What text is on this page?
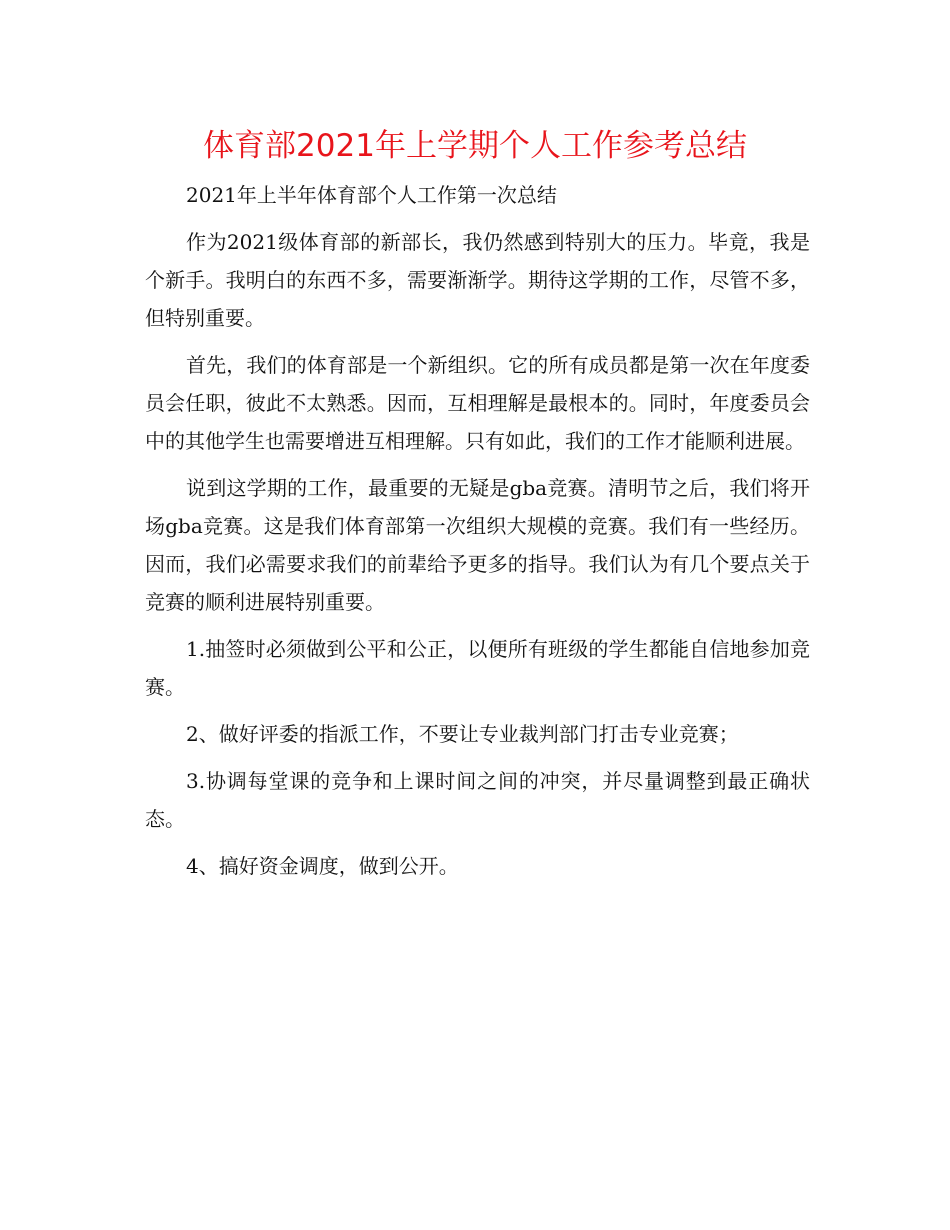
体育部2021年上学期个人工作参考总结

2021年上半年体育部个人工作第一次总结

作为2021级体育部的新部长，我仍然感到特别大的压力。毕竟，我是个新手。我明白的东西不多，需要渐渐学。期待这学期的工作，尽管不多，但特别重要。

首先，我们的体育部是一个新组织。它的所有成员都是第一次在年度委员会任职，彼此不太熟悉。因而，互相理解是最根本的。同时，年度委员会中的其他学生也需要增进互相理解。只有如此，我们的工作才能顺利进展。

说到这学期的工作，最重要的无疑是gba竞赛。清明节之后，我们将开场gba竞赛。这是我们体育部第一次组织大规模的竞赛。我们有一些经历。因而，我们必需要求我们的前辈给予更多的指导。我们认为有几个要点关于竞赛的顺利进展特别重要。

1.抽签时必须做到公平和公正，以便所有班级的学生都能自信地参加竞赛。

2、做好评委的指派工作，不要让专业裁判部门打击专业竞赛；

3.协调每堂课的竞争和上课时间之间的冲突，并尽量调整到最正确状态。

4、搞好资金调度，做到公开。
